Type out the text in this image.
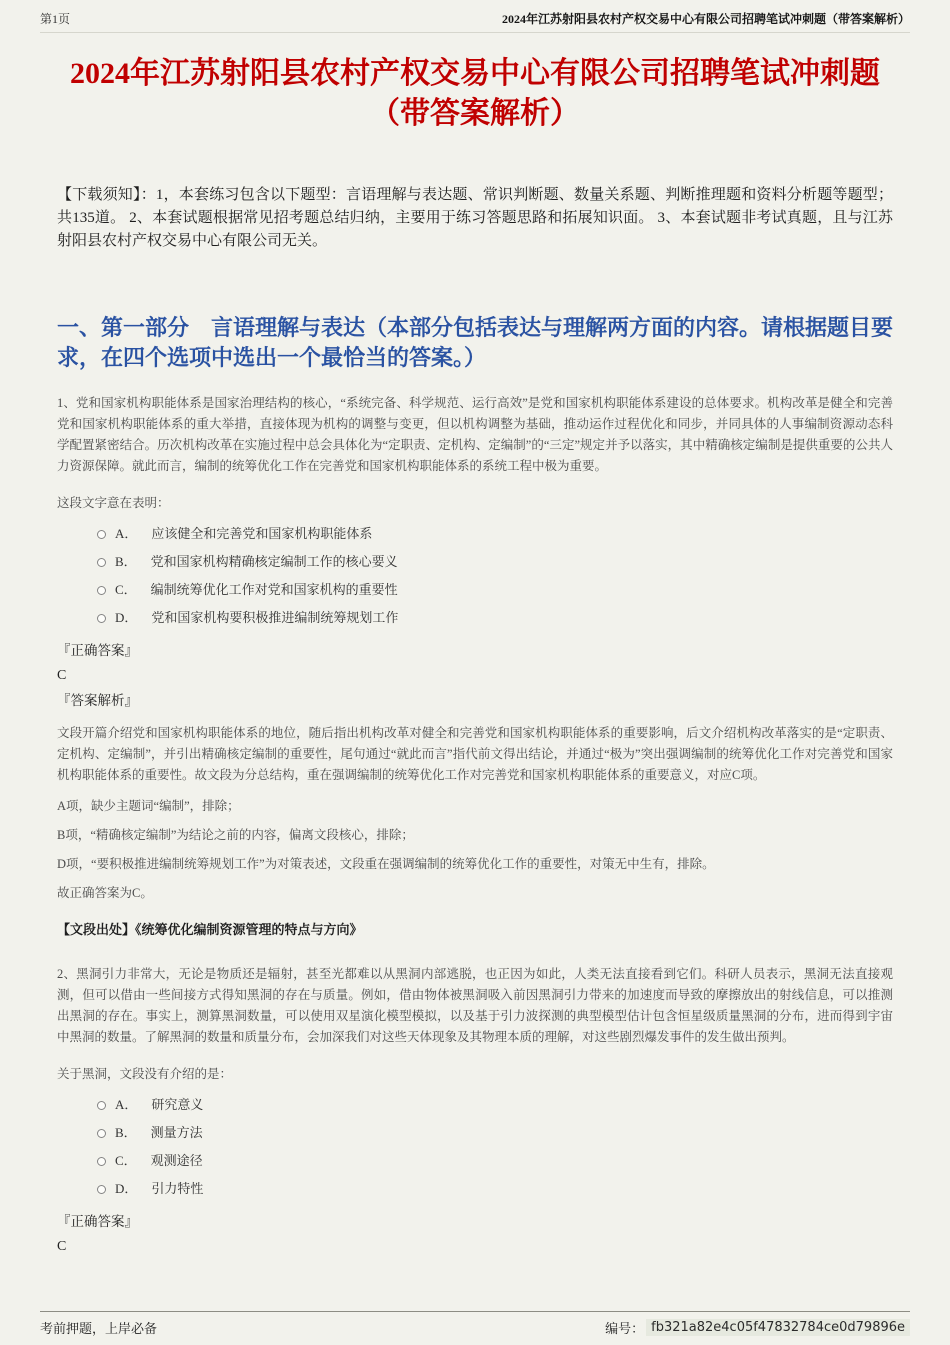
第1页	2024年江苏射阳县农村产权交易中心有限公司招聘笔试冲刺题（带答案解析）
2024年江苏射阳县农村产权交易中心有限公司招聘笔试冲刺题
（带答案解析）

【下载须知】：1，本套练习包含以下题型：言语理解与表达题、常识判断题、数量关系题、判断推理题和资料分析题等题型；共135道。 2、本套试题根据常见招考题总结归纳，主要用于练习答题思路和拓展知识面。 3、本套试题非考试真题，且与江苏射阳县农村产权交易中心有限公司无关。

一、第一部分　言语理解与表达（本部分包括表达与理解两方面的内容。请根据题目要求，在四个选项中选出一个最恰当的答案。）

1、党和国家机构职能体系是国家治理结构的核心，“系统完备、科学规范、运行高效”是党和国家机构职能体系建设的总体要求。机构改革是健全和完善党和国家机构职能体系的重大举措，直接体现为机构的调整与变更，但以机构调整为基础，推动运作过程优化和同步，并同具体的人事编制资源动态科学配置紧密结合。历次机构改革在实施过程中总会具体化为“定职责、定机构、定编制”的“三定”规定并予以落实，其中精确核定编制是提供重要的公共人力资源保障。就此而言，编制的统筹优化工作在完善党和国家机构职能体系的系统工程中极为重要。

这段文字意在表明：

A． 应该健全和完善党和国家机构职能体系
B． 党和国家机构精确核定编制工作的核心要义
C． 编制统筹优化工作对党和国家机构的重要性
D． 党和国家机构要积极推进编制统筹规划工作

『正确答案』

C

『答案解析』

文段开篇介绍党和国家机构职能体系的地位，随后指出机构改革对健全和完善党和国家机构职能体系的重要影响，后文介绍机构改革落实的是“定职责、定机构、定编制”，并引出精确核定编制的重要性，尾句通过“就此而言”指代前文得出结论，并通过“极为”突出强调编制的统筹优化工作对完善党和国家机构职能体系的重要性。故文段为分总结构，重在强调编制的统筹优化工作对完善党和国家机构职能体系的重要意义，对应C项。

A项，缺少主题词“编制”，排除；

B项，“精确核定编制”为结论之前的内容，偏离文段核心，排除；

D项，“要积极推进编制统筹规划工作”为对策表述，文段重在强调编制的统筹优化工作的重要性，对策无中生有，排除。

故正确答案为C。

【文段出处】《统筹优化编制资源管理的特点与方向》

2、黑洞引力非常大，无论是物质还是辐射，甚至光都难以从黑洞内部逃脱，也正因为如此，人类无法直接看到它们。科研人员表示，黑洞无法直接观测，但可以借由一些间接方式得知黑洞的存在与质量。例如，借由物体被黑洞吸入前因黑洞引力带来的加速度而导致的摩擦放出的射线信息，可以推测出黑洞的存在。事实上，测算黑洞数量，可以使用双星演化模型模拟，以及基于引力波探测的典型模型估计包含恒星级质量黑洞的分布，进而得到宇宙中黑洞的数量。了解黑洞的数量和质量分布，会加深我们对这些天体现象及其物理本质的理解，对这些剧烈爆发事件的发生做出预判。

关于黑洞，文段没有介绍的是：

A． 研究意义
B． 测量方法
C． 观测途径
D． 引力特性

『正确答案』

C

考前押题，上岸必备	编号： fb321a82e4c05f47832784ce0d79896e
